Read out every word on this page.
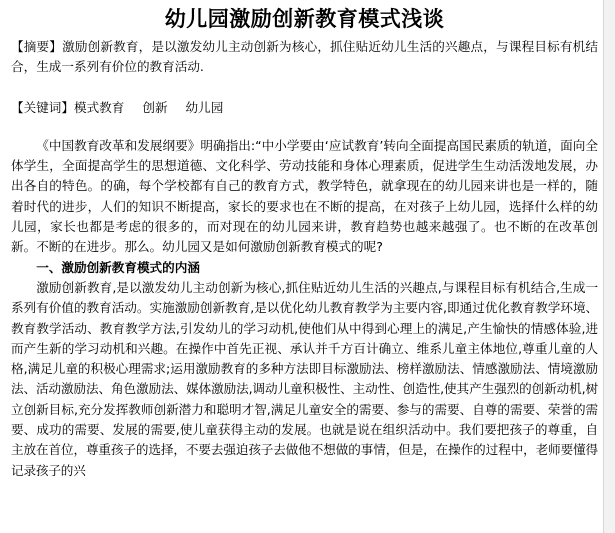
幼儿园激励创新教育模式浅谈

【摘要】激励创新教育，是以激发幼儿主动创新为核心，抓住贴近幼儿生活的兴趣点，与课程目标有机结合，生成一系列有价位的教育活动.

【关键词】模式教育 创新 幼儿园

《中国教育改革和发展纲要》明确指出:“中小学要由‘应试教育’转向全面提高国民素质的轨道，面向全体学生，全面提高学生的思想道德、文化科学、劳动技能和身体心理素质，促进学生生动活泼地发展，办出各自的特色。的确，每个学校都有自己的教育方式，教学特色，就拿现在的幼儿园来讲也是一样的，随着时代的进步，人们的知识不断提高，家长的要求也在不断的提高，在对孩子上幼儿园，选择什么样的幼儿园，家长也都是考虑的很多的，而对现在的幼儿园来讲，教育趋势也越来越强了。也不断的在改革创新。不断的在进步。那么。幼儿园又是如何激励创新教育模式的呢?

一、激励创新教育模式的内涵

激励创新教育,是以激发幼儿主动创新为核心,抓住贴近幼儿生活的兴趣点,与课程目标有机结合,生成一系列有价值的教育活动。实施激励创新教育,是以优化幼儿教育教学为主要内容,即通过优化教育教学环境、教育教学活动、教育教学方法,引发幼儿的学习动机,使他们从中得到心理上的满足,产生愉快的情感体验,进而产生新的学习动机和兴趣。在操作中首先正视、承认并千方百计确立、维系儿童主体地位,尊重儿童的人格,满足儿童的积极心理需求;运用激励教育的多种方法即目标激励法、榜样激励法、情感激励法、情境激励法、活动激励法、角色激励法、媒体激励法,调动儿童积极性、主动性、创造性,使其产生强烈的创新动机,树立创新目标,充分发挥教师创新潜力和聪明才智,满足儿童安全的需要、参与的需要、自尊的需要、荣誉的需要、成功的需要、发展的需要,使儿童获得主动的发展。也就是说在组织活动中。我们要把孩子的尊重，自主放在首位，尊重孩子的选择，不要去强迫孩子去做他不想做的事情，但是，在操作的过程中，老师要懂得记录孩子的兴
